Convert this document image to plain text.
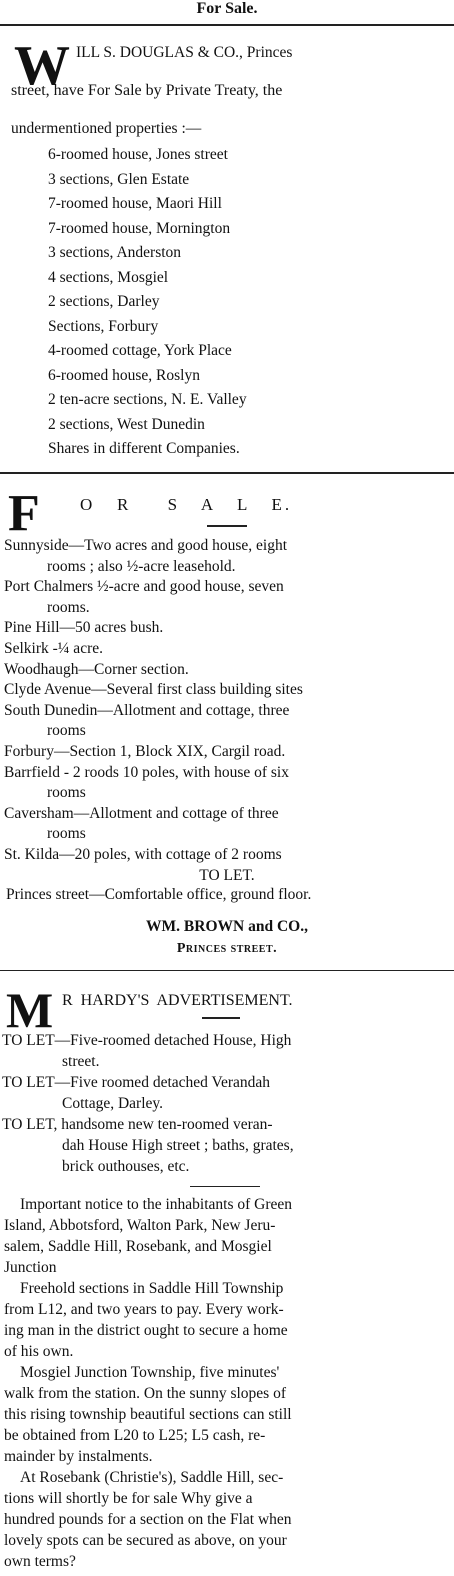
For Sale.
W ILL S. DOUGLAS & CO., Princes
street, have For Sale by Private Treaty, the
undermentioned properties :—
6-roomed house, Jones street
3 sections, Glen Estate
7-roomed house, Maori Hill
7-roomed house, Mornington
3 sections, Anderston
4 sections, Mosgiel
2 sections, Darley
Sections, Forbury
4-roomed cottage, York Place
6-roomed house, Roslyn
2 ten-acre sections, N. E. Valley
2 sections, West Dunedin
Shares in different Companies.
F O   R     S   A   L   E.
Sunnyside—Two acres and good house, eight
rooms ; also ½-acre leasehold.
Port Chalmers ½-acre and good house, seven
rooms.
Pine Hill—50 acres bush.
Selkirk -¼ acre.
Woodhaugh—Corner section.
Clyde Avenue—Several first class building sites
South Dunedin—Allotment and cottage, three
rooms
Forbury—Section 1, Block XIX, Cargil road.
Barrfield - 2 roods 10 poles, with house of six
rooms
Caversham—Allotment and cottage of three
rooms
St. Kilda—20 poles, with cottage of 2 rooms
TO LET.
Princes street—Comfortable office, ground floor.
WM. BROWN and CO.,
Princes street.
M R  HARDY'S  ADVERTISEMENT.
TO LET—Five-roomed detached House, High
street.
TO LET—Five roomed detached Verandah
Cottage, Darley.
TO LET, handsome new ten-roomed veran-
dah House High street ; baths, grates,
brick outhouses, etc.
Important notice to the inhabitants of Green
Island, Abbotsford, Walton Park, New Jeru-
salem, Saddle Hill, Rosebank, and Mosgiel
Junction
Freehold sections in Saddle Hill Township
from L12, and two years to pay. Every work-
ing man in the district ought to secure a home
of his own.
Mosgiel Junction Township, five minutes'
walk from the station. On the sunny slopes of
this rising township beautiful sections can still
be obtained from L20 to L25; L5 cash, re-
mainder by instalments.
At Rosebank (Christie's), Saddle Hill, sec-
tions will shortly be for sale Why give a
hundred pounds for a section on the Flat when
lovely spots can be secured as above, on your
own terms?
